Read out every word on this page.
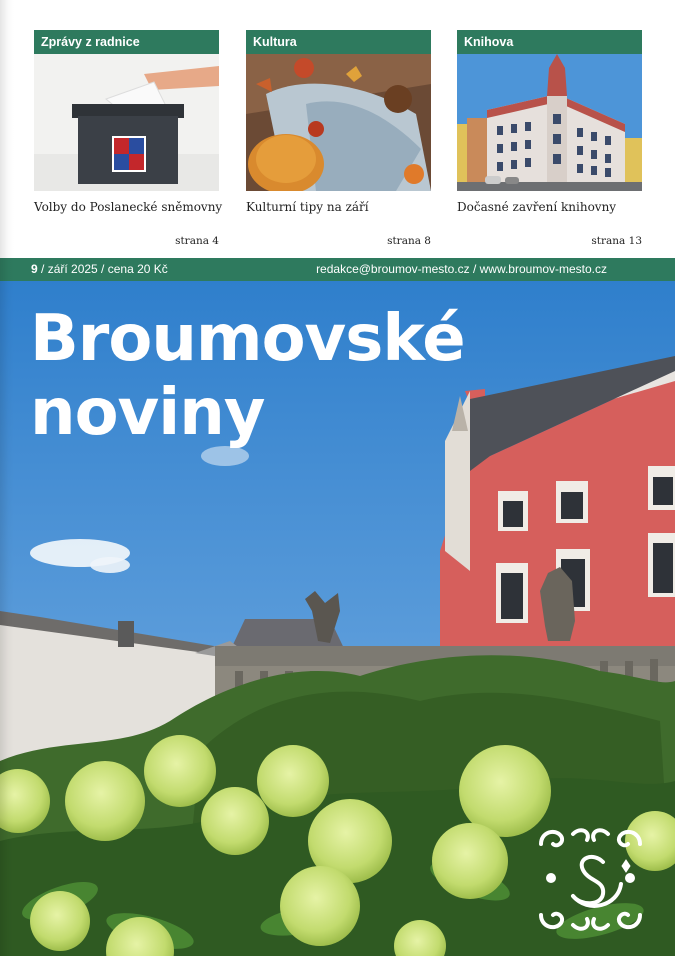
Zprávy z radnice
Volby do Poslanecké sněmovny
strana 4
Kultura
Kulturní tipy na září
strana 8
Knihova
Dočasné zavření knihovny
strana 13
9 / září 2025 / cena 20 Kč	redakce@broumov-mesto.cz / www.broumov-mesto.cz
Broumovské
noviny
